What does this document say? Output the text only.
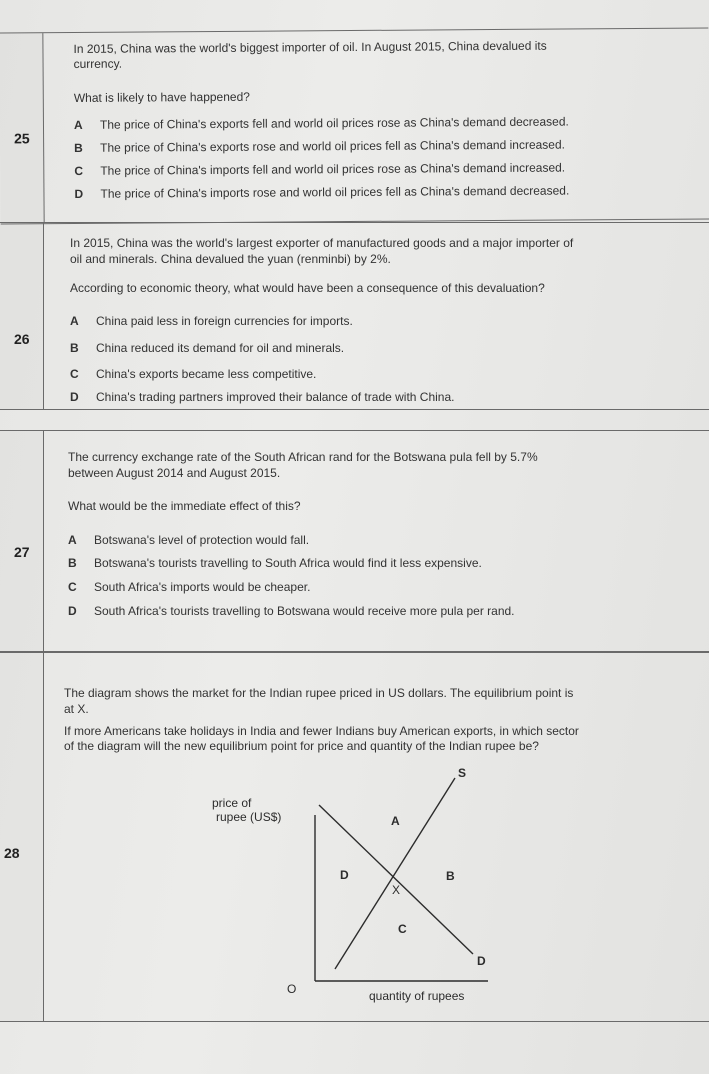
25
In 2015, China was the world's biggest importer of oil. In August 2015, China devalued its
currency.
What is likely to have happened?
A The price of China's exports fell and world oil prices rose as China's demand decreased.
B The price of China's exports rose and world oil prices fell as China's demand increased.
C The price of China's imports fell and world oil prices rose as China's demand increased.
D The price of China's imports rose and world oil prices fell as China's demand decreased.
26
In 2015, China was the world's largest exporter of manufactured goods and a major importer of
oil and minerals. China devalued the yuan (renminbi) by 2%.
According to economic theory, what would have been a consequence of this devaluation?
A China paid less in foreign currencies for imports.
B China reduced its demand for oil and minerals.
C China's exports became less competitive.
D China's trading partners improved their balance of trade with China.
27
The currency exchange rate of the South African rand for the Botswana pula fell by 5.7%
between August 2014 and August 2015.
What would be the immediate effect of this?
A Botswana's level of protection would fall.
B Botswana's tourists travelling to South Africa would find it less expensive.
C South Africa's imports would be cheaper.
D South Africa's tourists travelling to Botswana would receive more pula per rand.
28
The diagram shows the market for the Indian rupee priced in US dollars. The equilibrium point is
at X.
If more Americans take holidays in India and fewer Indians buy American exports, in which sector
of the diagram will the new equilibrium point for price and quantity of the Indian rupee be?
price of
rupee (US$)
S
A
D	B
X
C
D
O	quantity of rupees
